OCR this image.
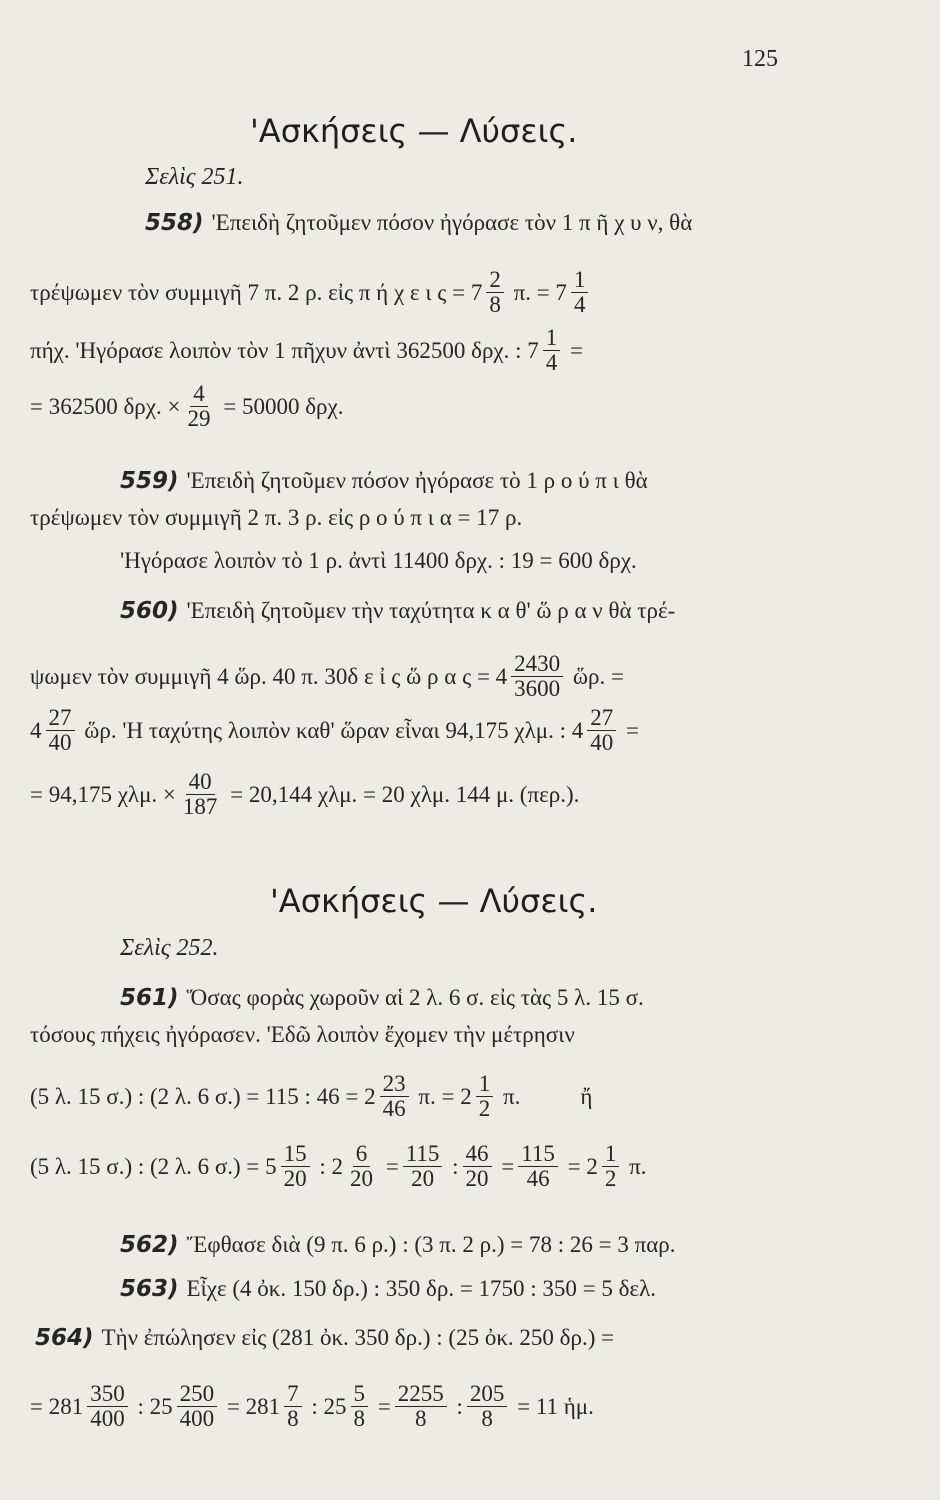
125
'Ασκήσεις — Λύσεις.
Σελὶς 251.
558) 'Επειδὴ ζητοῦμεν πόσον ἠγόρασε τὸν 1 π ῆ χ υ ν, θὰ
τρέψωμεν τὸν συμμιγῆ 7 π. 2 ρ. εἰς π ή χ ε ι $\varsigma = 7 \frac{2}{8} \pi$. = $7 \frac{1}{4}$
πήχ. 'Ηγόρασε λοιπὸν τὸν 1 πῆχυν ἀντὶ 362500 δρχ. : $7 \frac{1}{4}$ =
= 362500 δρχ. × $\frac{4}{29} = 50000$ δρχ.
559) 'Επειδὴ ζητοῦμεν πόσον ἠγόρασε τὸ 1 ρ ο ύ π ι θὰ
τρέψωμεν τὸν συμμιγῆ 2 π. 3 ρ. εἰς ρ ο ύ π ι α = 17 ρ.
'Ηγόρασε λοιπὸν τὸ 1 ρ. ἀντὶ 11400 δρχ. : 19 = 600 δρχ.
560) 'Επειδὴ ζητοῦμεν τὴν ταχύτητα κ α θ' ὥ ρ α ν θὰ τρέ-
ψωμεν τὸν συμμιγῆ 4 ὥρ. 40 π. 30δ ε ἰ ς ὥ ρ α $\varsigma = 4 \frac{2430}{3600}$ ὥρ. =
$4 \frac{27}{40}$ ὥρ. 'Η ταχύτης λοιπὸν καθ' ὥραν εἶναι 94,175 χλμ. : $4 \frac{27}{40}$ =
= 94,175 χλμ. × $\frac{40}{187} = 20,144$ χλμ. = 20 χλμ. 144 μ. (περ.).
'Ασκήσεις — Λύσεις.
Σελὶς 252.
561) Ὅσας φορὰς χωροῦν αἱ 2 λ. 6 σ. εἰς τὰς 5 λ. 15 σ.
τόσους πήχεις ἠγόρασεν. 'Εδῶ λοιπὸν ἔχομεν τὴν μέτρησιν
(5 λ. 15 σ.) : (2 λ. 6 σ.) = 115 : $46 = 2 \frac{23}{46} \pi$. = $2 \frac{1}{2} \pi$.	ἤ
(5 λ. 15 σ.) : (2 λ. 6 $\sigma.) = 5 \frac{15}{20}$ : $2 \frac{6}{20} = \frac{115}{20}$ : $\frac{46}{20} = \frac{115}{46} = 2 \frac{1}{2} \pi$.
562) Ἔφθασε διὰ (9 π. 6 ρ.) : (3 π. 2 ρ.) = 78 : 26 = 3 παρ.
563) Εἶχε (4 ὀκ. 150 δρ.) : 350 δρ. = 1750 : 350 = 5 δελ.
564) Τὴν ἐπώλησεν εἰς (281 ὀκ. 350 δρ.) : (25 ὀκ. 250 δρ.) =
= $281 \frac{350}{400}$ : $25 \frac{250}{400} = 281 \frac{7}{8}$ : $25 \frac{5}{8} = \frac{2255}{8}$ : $\frac{205}{8} = 11$ ἡμ.
